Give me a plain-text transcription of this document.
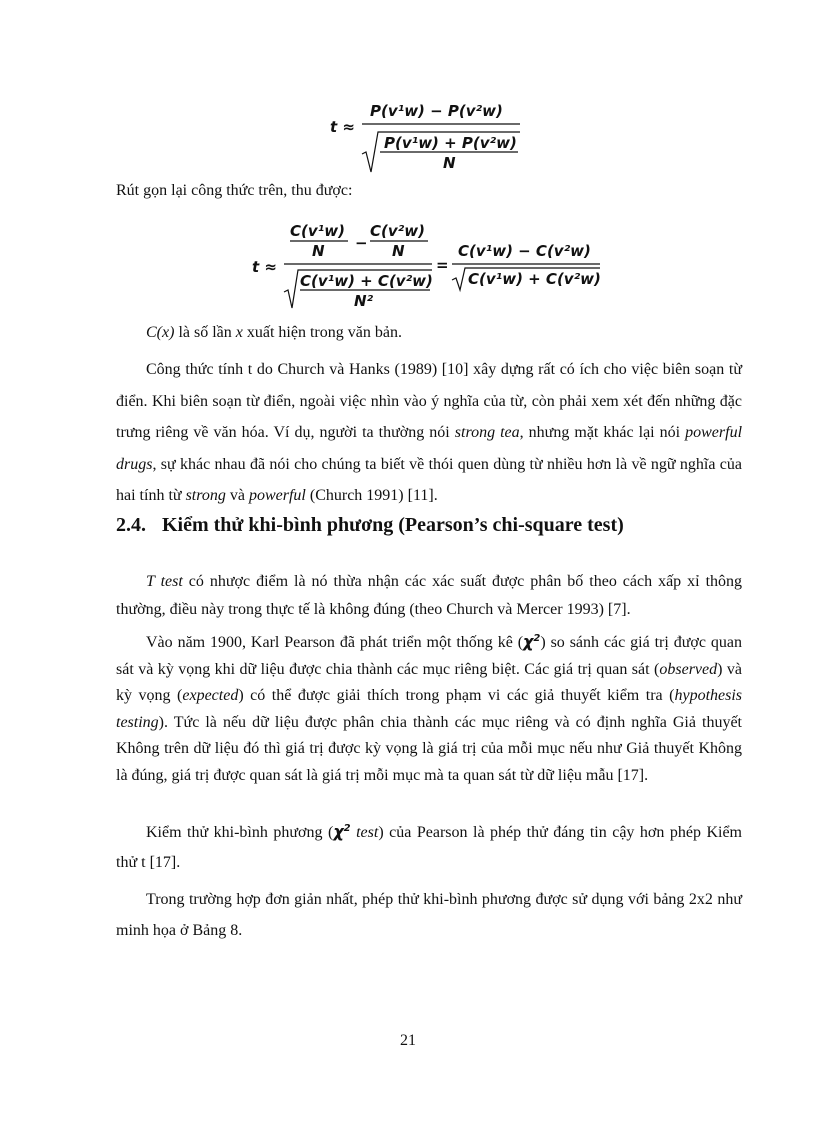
t ≈
P(v¹w) − P(v²w)
P(v¹w) + P(v²w)
N
Rút gọn lại công thức trên, thu được:
t ≈
C(v¹w)
N −
C(v²w)
N
C(v¹w) + C(v²w)
N²
=
C(v¹w) − C(v²w)
C(v¹w) + C(v²w)
C(x) là số lần x xuất hiện trong văn bản.
Công thức tính t do Church và Hanks (1989) [10] xây dựng rất có ích cho việc biên soạn từ điển. Khi biên soạn từ điển, ngoài việc nhìn vào ý nghĩa của từ, còn phải xem xét đến những đặc trưng riêng về văn hóa. Ví dụ, người ta thường nói strong tea, nhưng mặt khác lại nói powerful drugs, sự khác nhau đã nói cho chúng ta biết về thói quen dùng từ nhiều hơn là về ngữ nghĩa của hai tính từ strong và powerful (Church 1991) [11].
2.4. Kiểm thử khi-bình phương (Pearson’s chi-square test)
T test có nhược điểm là nó thừa nhận các xác suất được phân bố theo cách xấp xỉ thông thường, điều này trong thực tế là không đúng (theo Church và Mercer 1993) [7].
Vào năm 1900, Karl Pearson đã phát triển một thống kê $(\chi^2)$ so sánh các giá trị được quan sát và kỳ vọng khi dữ liệu được chia thành các mục riêng biệt. Các giá trị quan sát (observed) và kỳ vọng (expected) có thể được giải thích trong phạm vi các giả thuyết kiểm tra (hypothesis testing). Tức là nếu dữ liệu được phân chia thành các mục riêng và có định nghĩa Giả thuyết Không trên dữ liệu đó thì giá trị được kỳ vọng là giá trị của mỗi mục nếu như Giả thuyết Không là đúng, giá trị được quan sát là giá trị mỗi mục mà ta quan sát từ dữ liệu mẫu [17].
Kiểm thử khi-bình phương ($\chi^2$ test) của Pearson là phép thử đáng tin cậy hơn phép Kiểm thử t [17].
Trong trường hợp đơn giản nhất, phép thử khi-bình phương được sử dụng với bảng 2x2 như minh họa ở Bảng 8.
21
